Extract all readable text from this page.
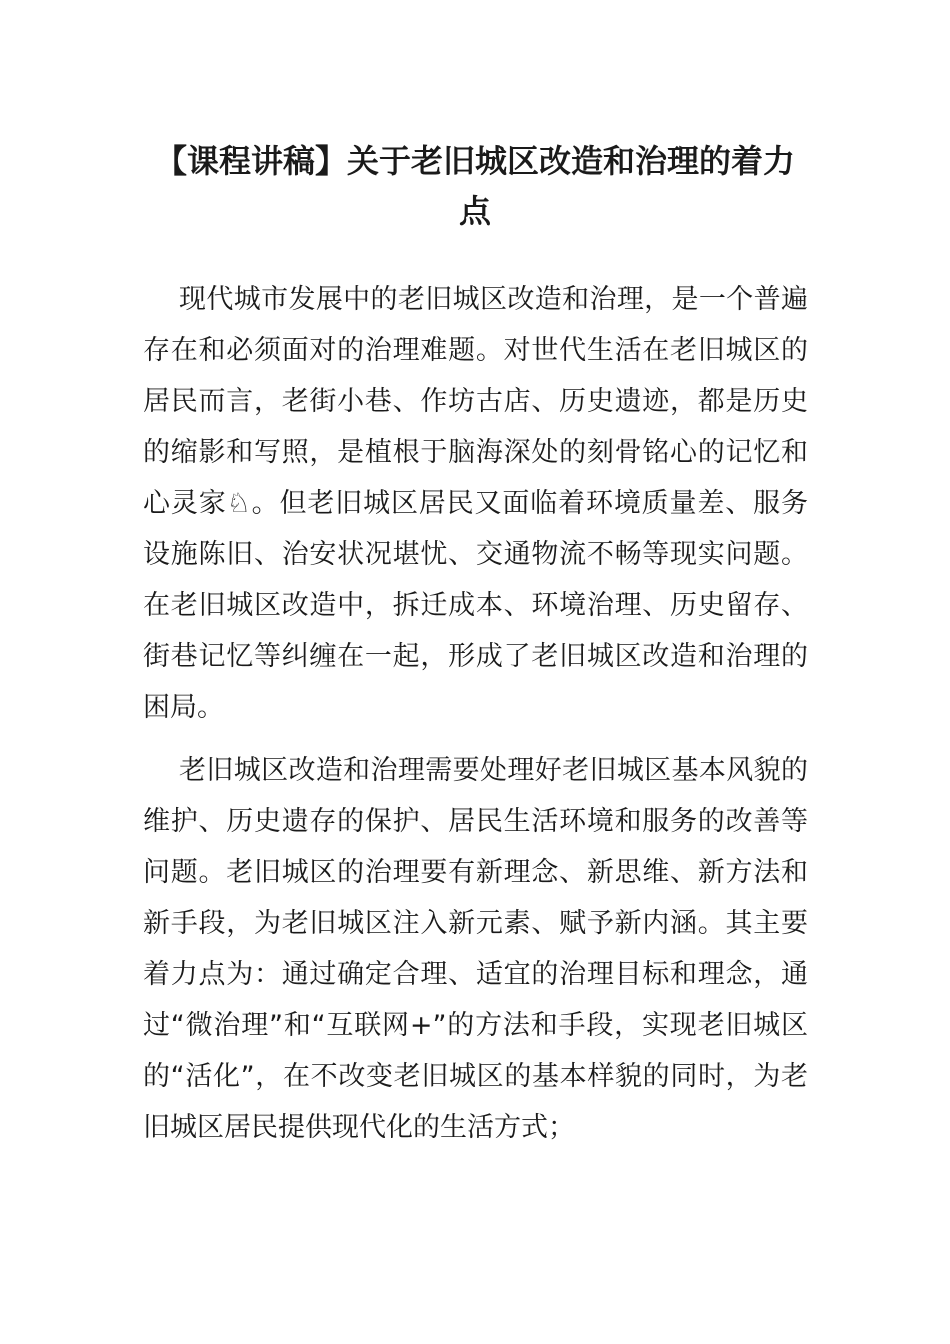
【课程讲稿】关于老旧城区改造和治理的着力点

现代城市发展中的老旧城区改造和治理，是一个普遍存在和必须面对的治理难题。对世代生活在老旧城区的居民而言，老街小巷、作坊古店、历史遗迹，都是历史的缩影和写照，是植根于脑海深处的刻骨铭心的记忆和心灵家♘。但老旧城区居民又面临着环境质量差、服务设施陈旧、治安状况堪忧、交通物流不畅等现实问题。在老旧城区改造中，拆迁成本、环境治理、历史留存、街巷记忆等纠缠在一起，形成了老旧城区改造和治理的困局。

老旧城区改造和治理需要处理好老旧城区基本风貌的维护、历史遗存的保护、居民生活环境和服务的改善等问题。老旧城区的治理要有新理念、新思维、新方法和新手段，为老旧城区注入新元素、赋予新内涵。其主要着力点为：通过确定合理、适宜的治理目标和理念，通过“微治理”和“互联网+”的方法和手段，实现老旧城区的“活化”，在不改变老旧城区的基本样貌的同时，为老旧城区居民提供现代化的生活方式；
